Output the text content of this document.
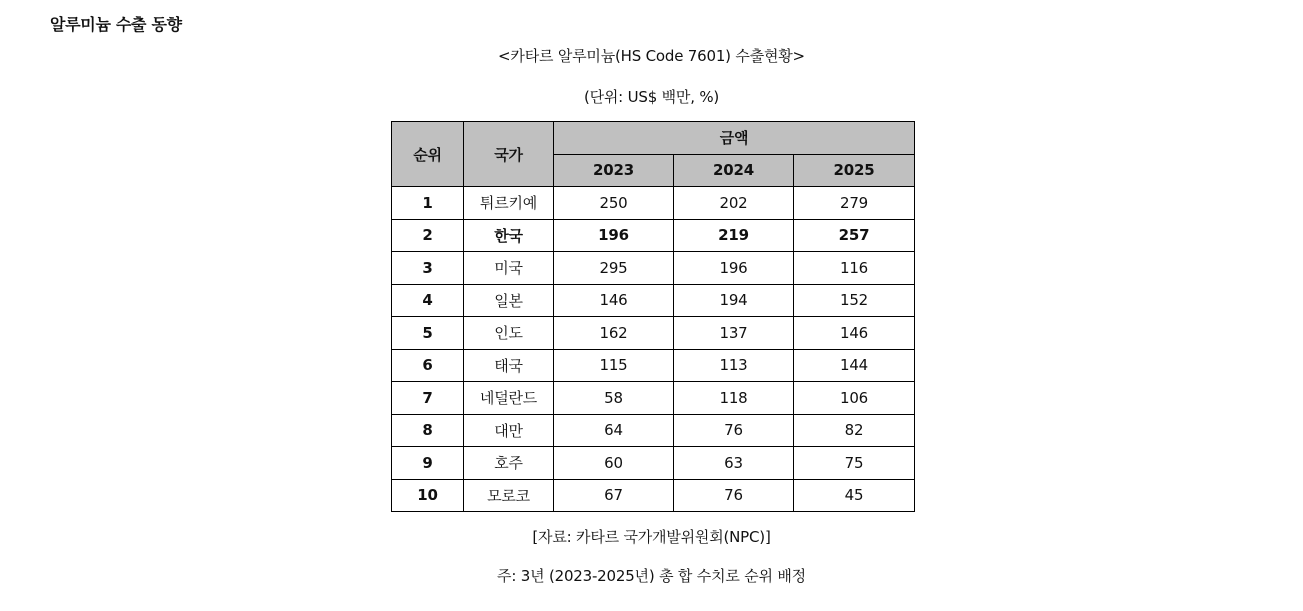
알루미늄 수출 동향
<카타르 알루미늄(HS Code 7601) 수출현황>
(단위: US$ 백만, %)
순위	국가	금액		
		2023	2024	2025
1	튀르키예	250	202	279
2	한국	196	219	257
3	미국	295	196	116
4	일본	146	194	152
5	인도	162	137	146
6	태국	115	113	144
7	네덜란드	58	118	106
8	대만	64	76	82
9	호주	60	63	75
10	모로코	67	76	45
[자료: 카타르 국가개발위원회(NPC)]
주: 3년 (2023-2025년) 총 합 수치로 순위 배정
